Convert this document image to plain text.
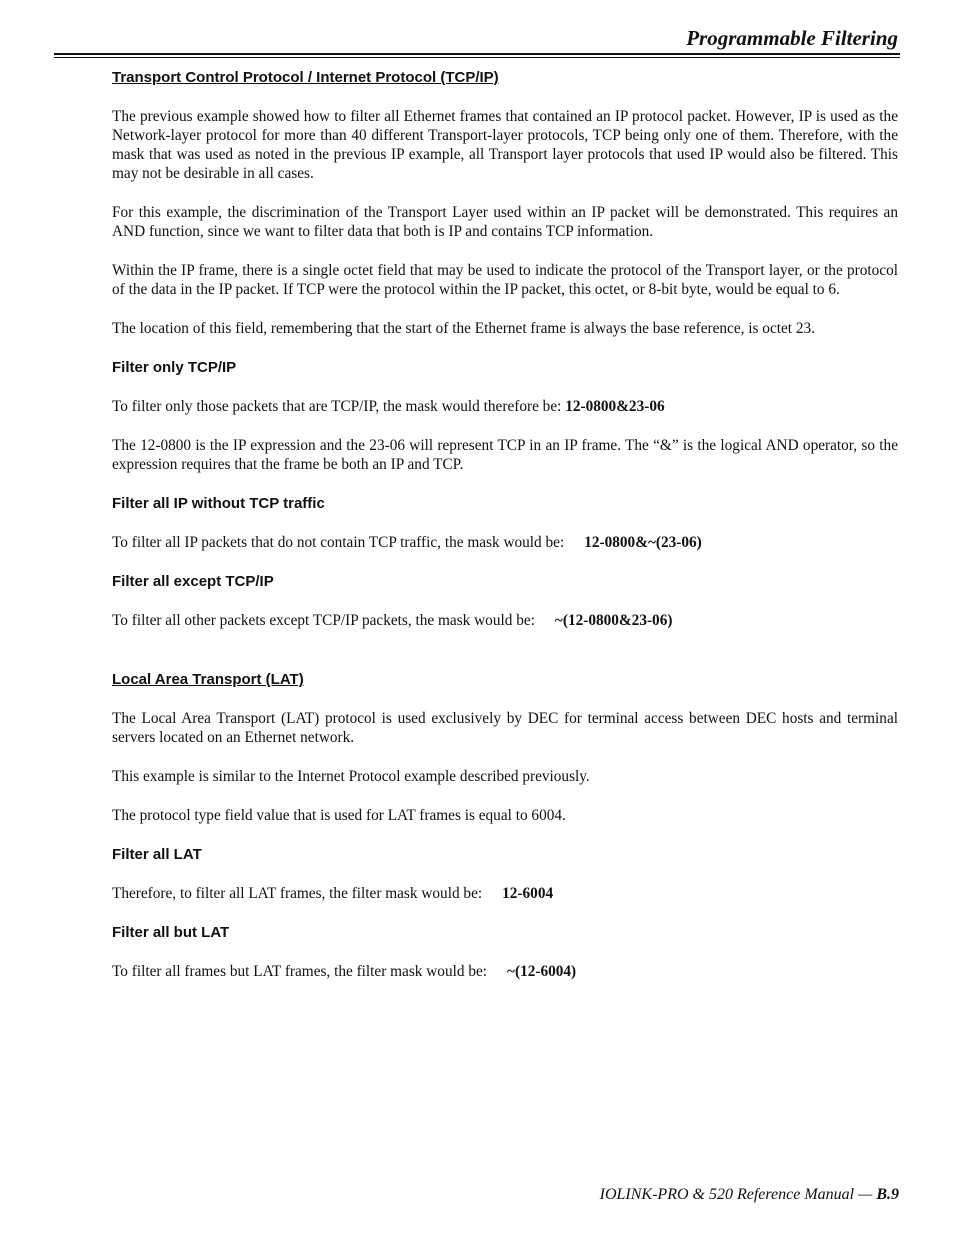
Programmable Filtering
Transport Control Protocol / Internet Protocol (TCP/IP)

The previous example showed how to filter all Ethernet frames that contained an IP protocol packet. However, IP is used as the Network-layer protocol for more than 40 different Transport-layer protocols, TCP being only one of them. Therefore, with the mask that was used as noted in the previous IP example, all Transport layer protocols that used IP would also be filtered. This may not be desirable in all cases.

For this example, the discrimination of the Transport Layer used within an IP packet will be demonstrated. This requires an AND function, since we want to filter data that both is IP and contains TCP information.

Within the IP frame, there is a single octet field that may be used to indicate the protocol of the Transport layer, or the protocol of the data in the IP packet. If TCP were the protocol within the IP packet, this octet, or 8-bit byte, would be equal to 6.

The location of this field, remembering that the start of the Ethernet frame is always the base reference, is octet 23.

Filter only TCP/IP

To filter only those packets that are TCP/IP, the mask would therefore be: 12-0800&23-06

The 12-0800 is the IP expression and the 23-06 will represent TCP in an IP frame. The “&” is the logical AND operator, so the expression requires that the frame be both an IP and TCP.

Filter all IP without TCP traffic

To filter all IP packets that do not contain TCP traffic, the mask would be: 12-0800&~(23-06)

Filter all except TCP/IP

To filter all other packets except TCP/IP packets, the mask would be: ~(12-0800&23-06)

Local Area Transport (LAT)

The Local Area Transport (LAT) protocol is used exclusively by DEC for terminal access between DEC hosts and terminal servers located on an Ethernet network.

This example is similar to the Internet Protocol example described previously.

The protocol type field value that is used for LAT frames is equal to 6004.

Filter all LAT

Therefore, to filter all LAT frames, the filter mask would be: 12-6004

Filter all but LAT

To filter all frames but LAT frames, the filter mask would be: ~(12-6004)

IOLINK-PRO & 520 Reference Manual — B.9
